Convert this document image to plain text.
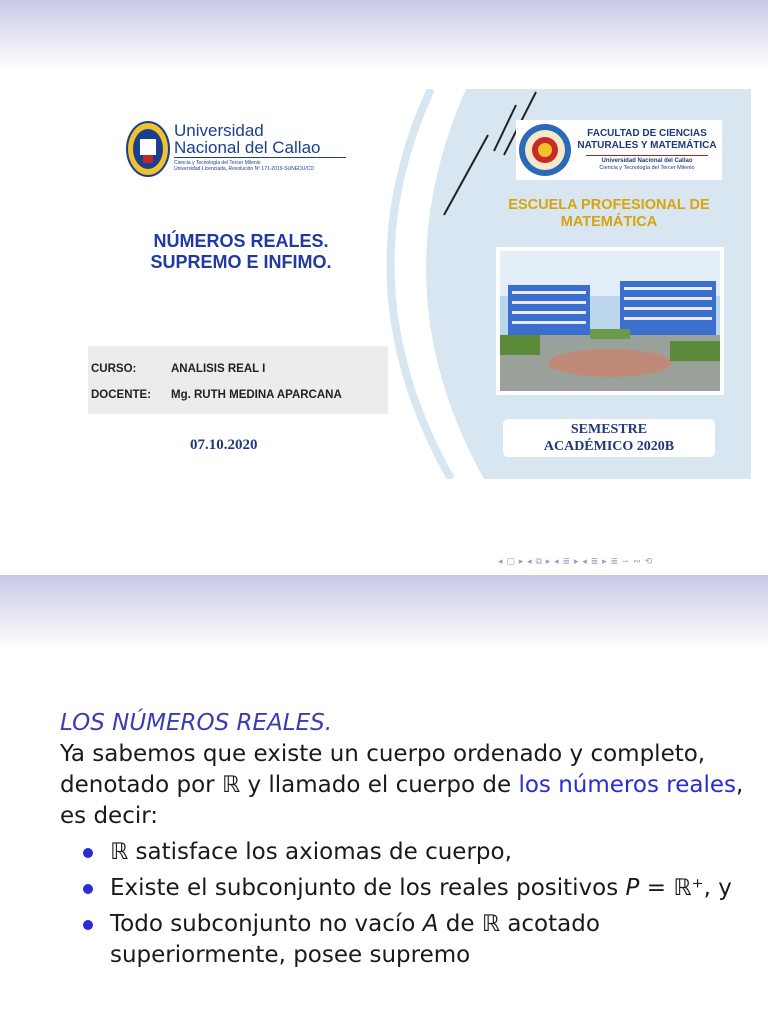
Universidad
Nacional del Callao
Ciencia y Tecnología del Tercer Milenio
Universidad Licenciada, Resolución Nº 171-2019-SUNEDU/CD
NÚMEROS REALES.
SUPREMO E INFIMO.
CURSO:	ANALISIS REAL I
DOCENTE: Mg. RUTH MEDINA APARCANA
07.10.2020
FACULTAD DE CIENCIAS
NATURALES Y MATEMÁTICA
Universidad Nacional del Callao
Ciencia y Tecnología del Tercer Milenio
ESCUELA PROFESIONAL DE
MATEMÁTICA
SEMESTRE
ACADÉMICO 2020B
◂ ▢ ▸ ◂ ⧉ ▸ ◂ ≣ ▸ ◂ ≣ ▸ ≣ ∽⁠ ∾ ⟲
LOS NÚMEROS REALES.
Ya sabemos que existe un cuerpo ordenado y completo, denotado por ℝ y llamado el cuerpo de los números reales, es decir:
ℝ satisface los axiomas de cuerpo,
Existe el subconjunto de los reales positivos P = ℝ⁺, y
Todo subconjunto no vacío A de ℝ acotado superiormente, posee supremo
